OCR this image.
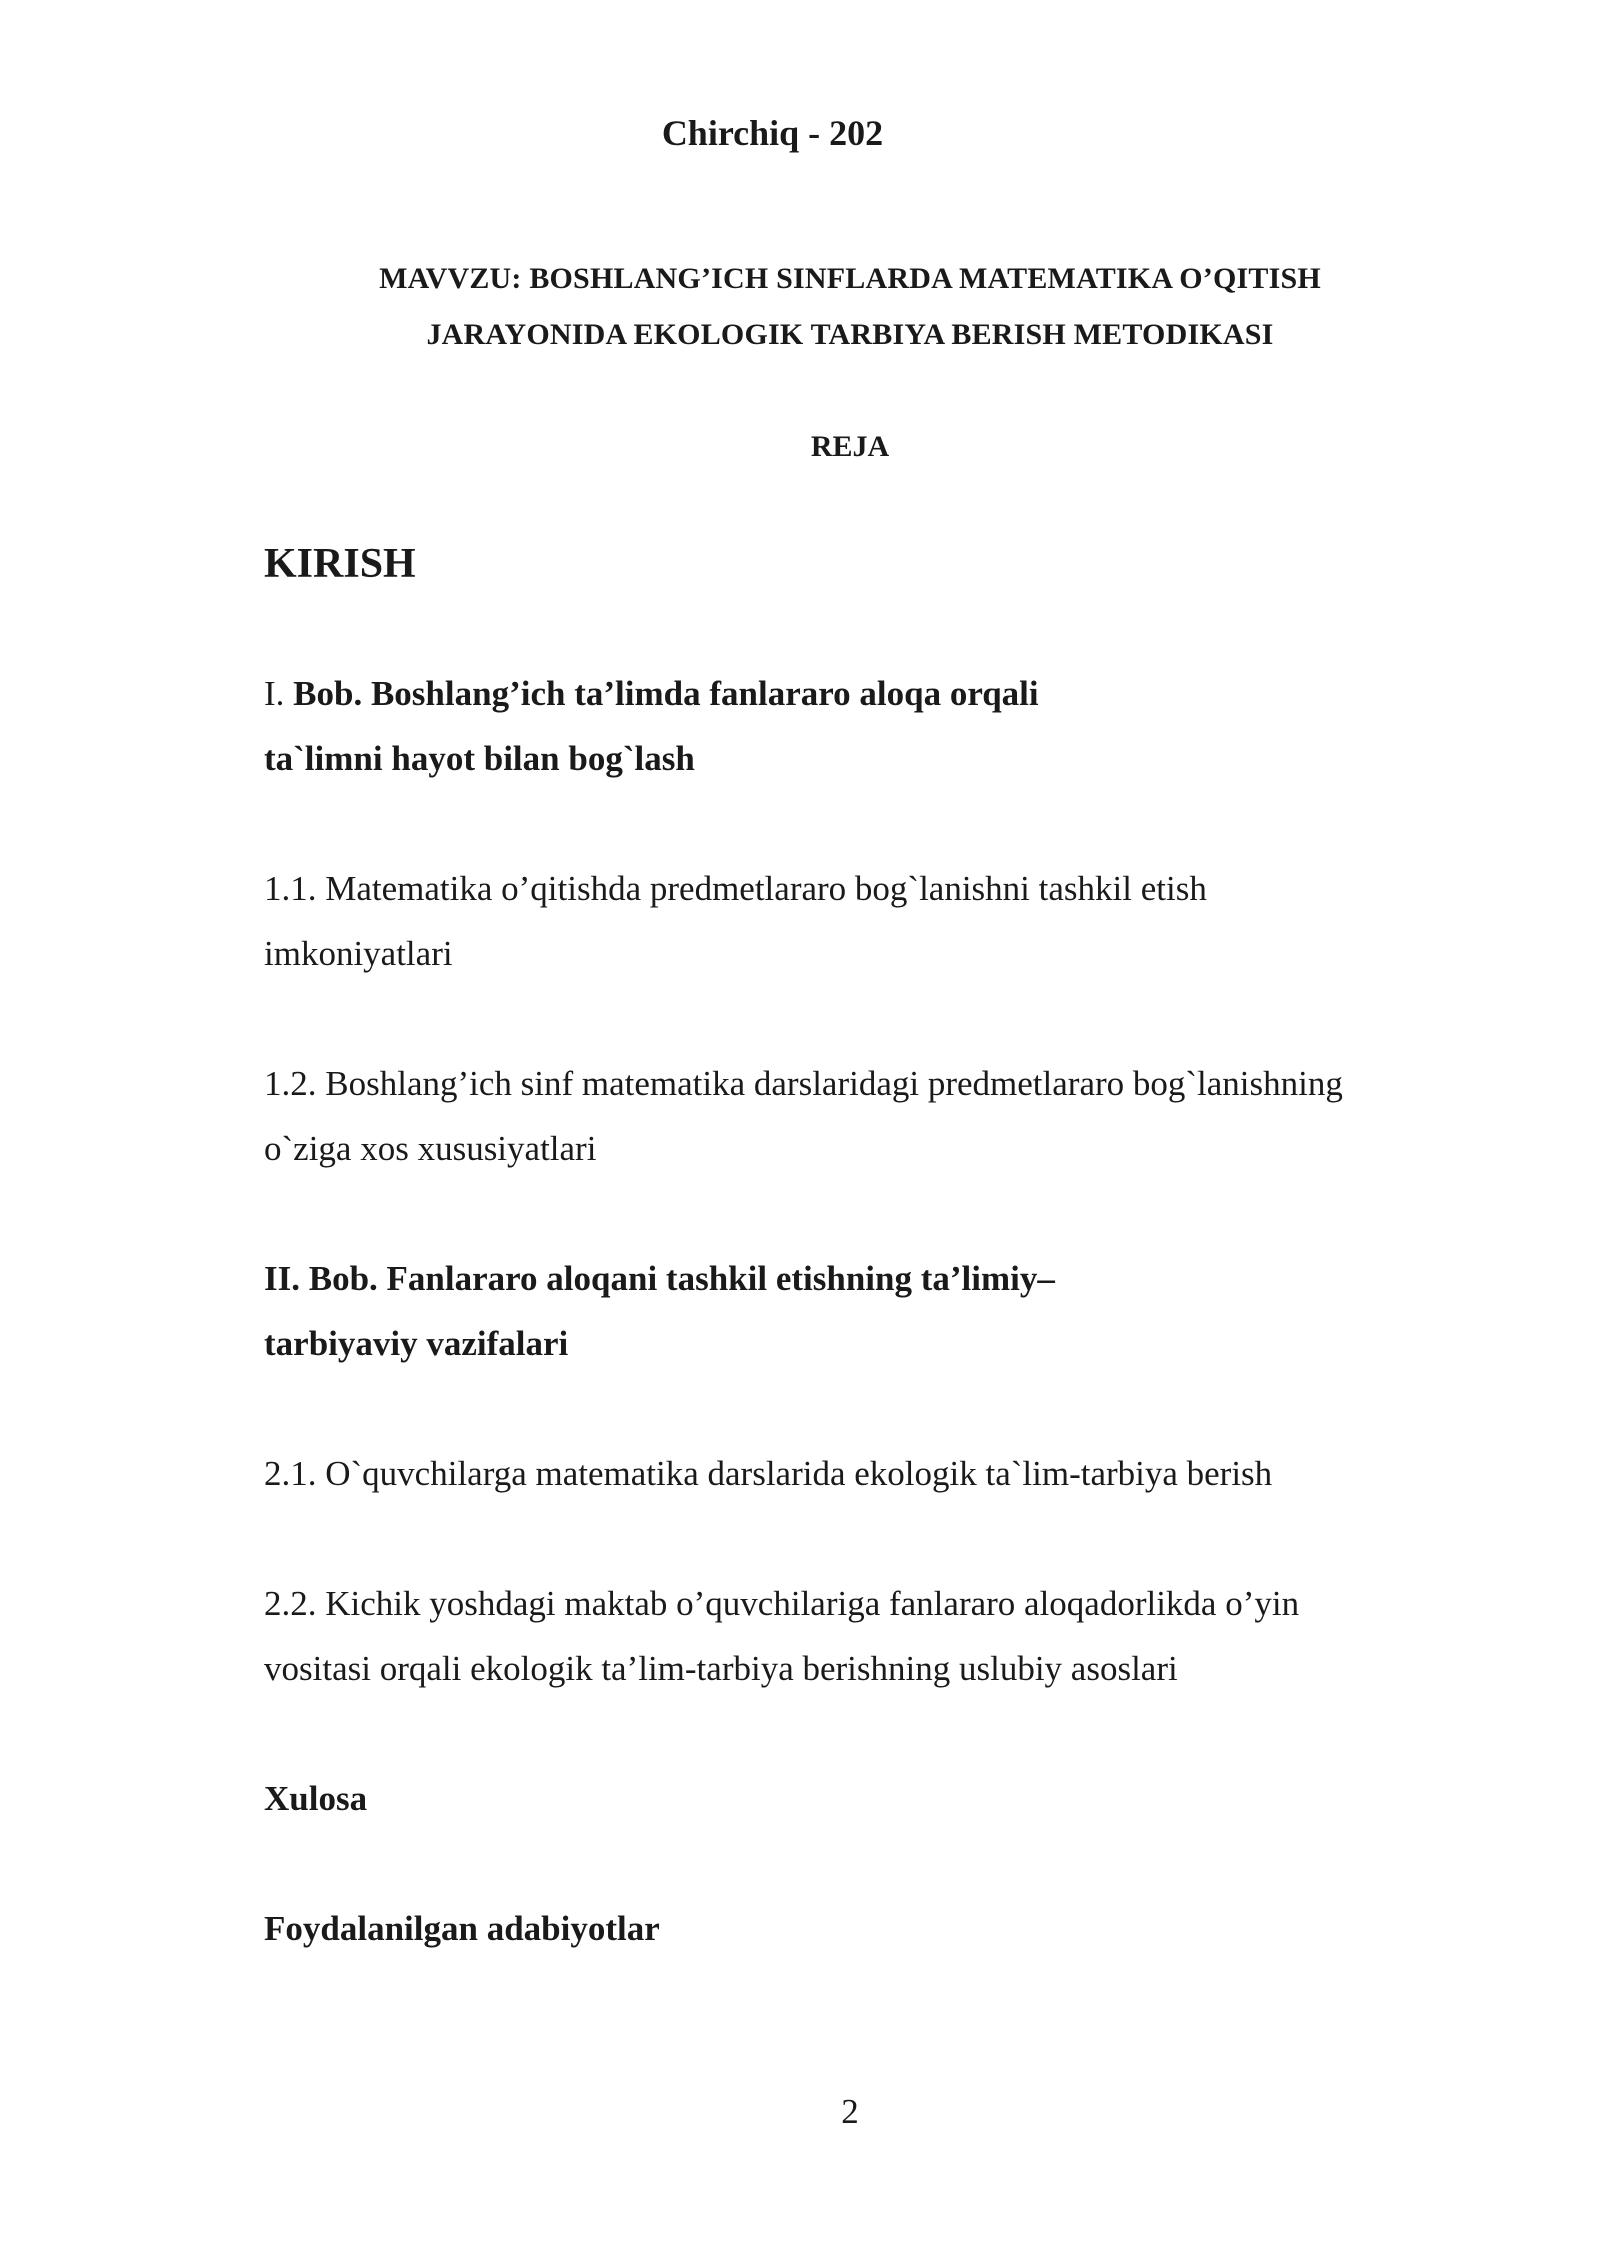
Chirchiq - 202

MAVVZU: BOSHLANG’ICH SINFLARDA MATEMATIKA O’QITISH

JARAYONIDA EKOLOGIK TARBIYA BERISH METODIKASI

REJA

KIRISH

I. Bob. Boshlang’ich ta’limda fanlararo aloqa orqali

ta`limni hayot bilan bog`lash

1.1. Matematika o’qitishda predmetlararo bog`lanishni tashkil etish

imkoniyatlari

1.2. Boshlang’ich sinf matematika darslaridagi predmetlararo bog`lanishning

o`ziga xos xususiyatlari

II. Bob. Fanlararo aloqani tashkil etishning ta’limiy–

tarbiyaviy vazifalari

2.1. O`quvchilarga matematika darslarida ekologik ta`lim-tarbiya berish

2.2. Kichik yoshdagi maktab o’quvchilariga fanlararo aloqadorlikda o’yin

vositasi orqali ekologik ta’lim-tarbiya berishning uslubiy asoslari

Xulosa

Foydalanilgan adabiyotlar

2
